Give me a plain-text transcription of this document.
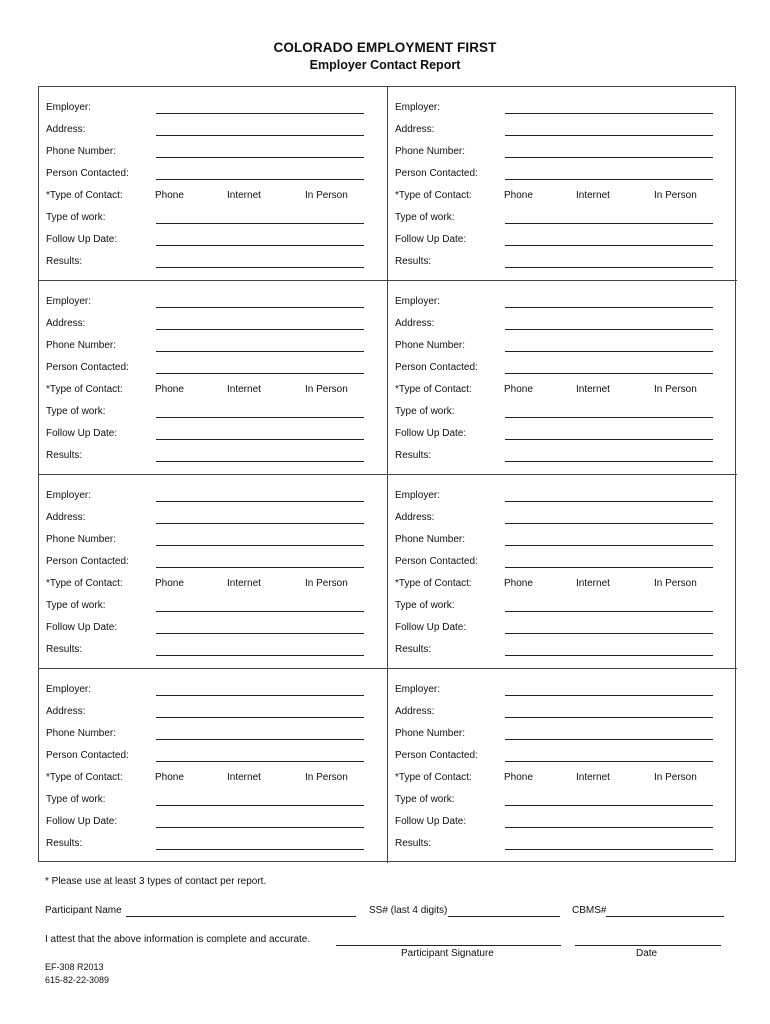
COLORADO EMPLOYMENT FIRST
Employer Contact Report
Employer:
Address:
Phone Number:
Person Contacted:
*Type of Contact:	Phone	Internet	In Person
Type of work:
Follow Up Date:
Results:
Employer:
Address:
Phone Number:
Person Contacted:
*Type of Contact:	Phone	Internet	In Person
Type of work:
Follow Up Date:
Results:
Employer:
Address:
Phone Number:
Person Contacted:
*Type of Contact:	Phone	Internet	In Person
Type of work:
Follow Up Date:
Results:
Employer:
Address:
Phone Number:
Person Contacted:
*Type of Contact:	Phone	Internet	In Person
Type of work:
Follow Up Date:
Results:
Employer:
Address:
Phone Number:
Person Contacted:
*Type of Contact:	Phone	Internet	In Person
Type of work:
Follow Up Date:
Results:
Employer:
Address:
Phone Number:
Person Contacted:
*Type of Contact:	Phone	Internet	In Person
Type of work:
Follow Up Date:
Results:
Employer:
Address:
Phone Number:
Person Contacted:
*Type of Contact:	Phone	Internet	In Person
Type of work:
Follow Up Date:
Results:
Employer:
Address:
Phone Number:
Person Contacted:
*Type of Contact:	Phone	Internet	In Person
Type of work:
Follow Up Date:
Results:
* Please use at least 3 types of contact per report.
Participant Name	SS# (last 4 digits)	CBMS#
I attest that the above information is complete and accurate.
Participant Signature	Date
EF-308 R2013
615-82-22-3089
